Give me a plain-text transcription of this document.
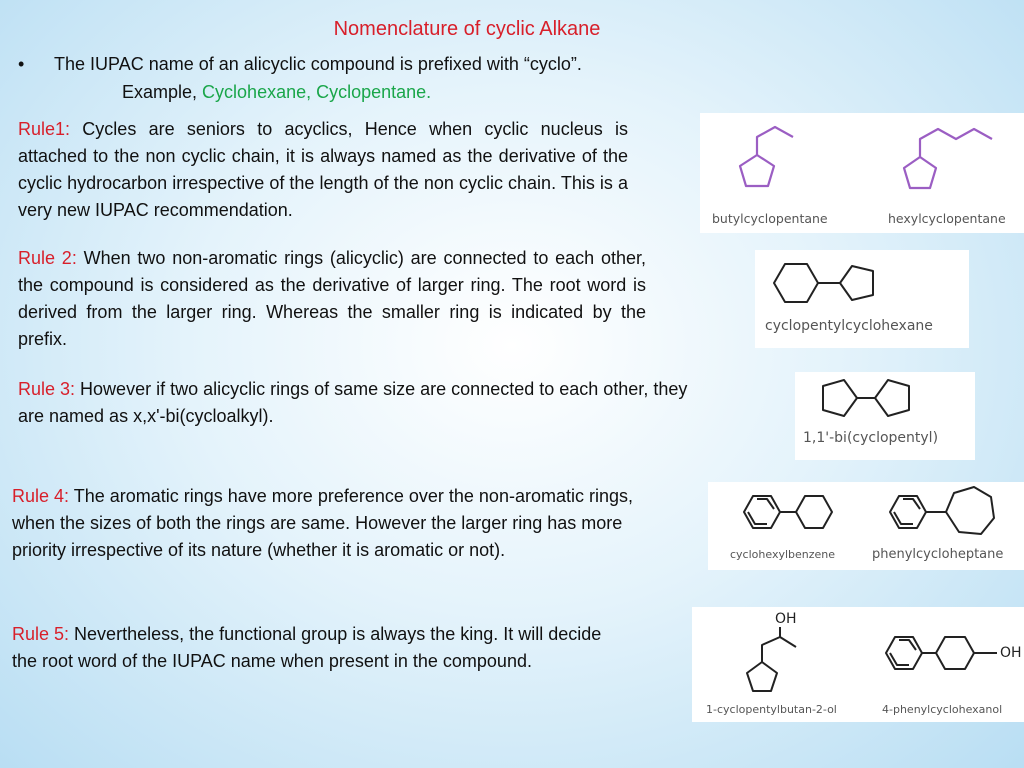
Nomenclature of cyclic Alkane
• The IUPAC name of an alicyclic compound is prefixed with “cyclo”.
Example, Cyclohexane, Cyclopentane.
Rule1: Cycles are seniors to acyclics, Hence when cyclic nucleus is attached to the non cyclic chain, it is always named as the derivative of the cyclic hydrocarbon irrespective of the length of the non cyclic chain. This is a very new IUPAC recommendation.
Rule 2: When two non-aromatic rings (alicyclic) are connected to each other, the compound is considered as the derivative of larger ring. The root word is derived from the larger ring. Whereas the smaller ring is indicated by the prefix.
Rule 3: However if two alicyclic rings of same size are connected to each other, they are named as x,x'-bi(cycloalkyl).
Rule 4: The aromatic rings have more preference over the non-aromatic rings, when the sizes of both the rings are same. However the larger ring has more priority irrespective of its nature (whether it is aromatic or not).
Rule 5: Nevertheless, the functional group is always the king. It will decide the root word of the IUPAC name when present in the compound.
butylcyclopentane	hexylcyclopentane
cyclopentylcyclohexane
1,1'-bi(cyclopentyl)
cyclohexylbenzene	phenylcycloheptane
OH
OH
1-cyclopentylbutan-2-ol	4-phenylcyclohexanol
